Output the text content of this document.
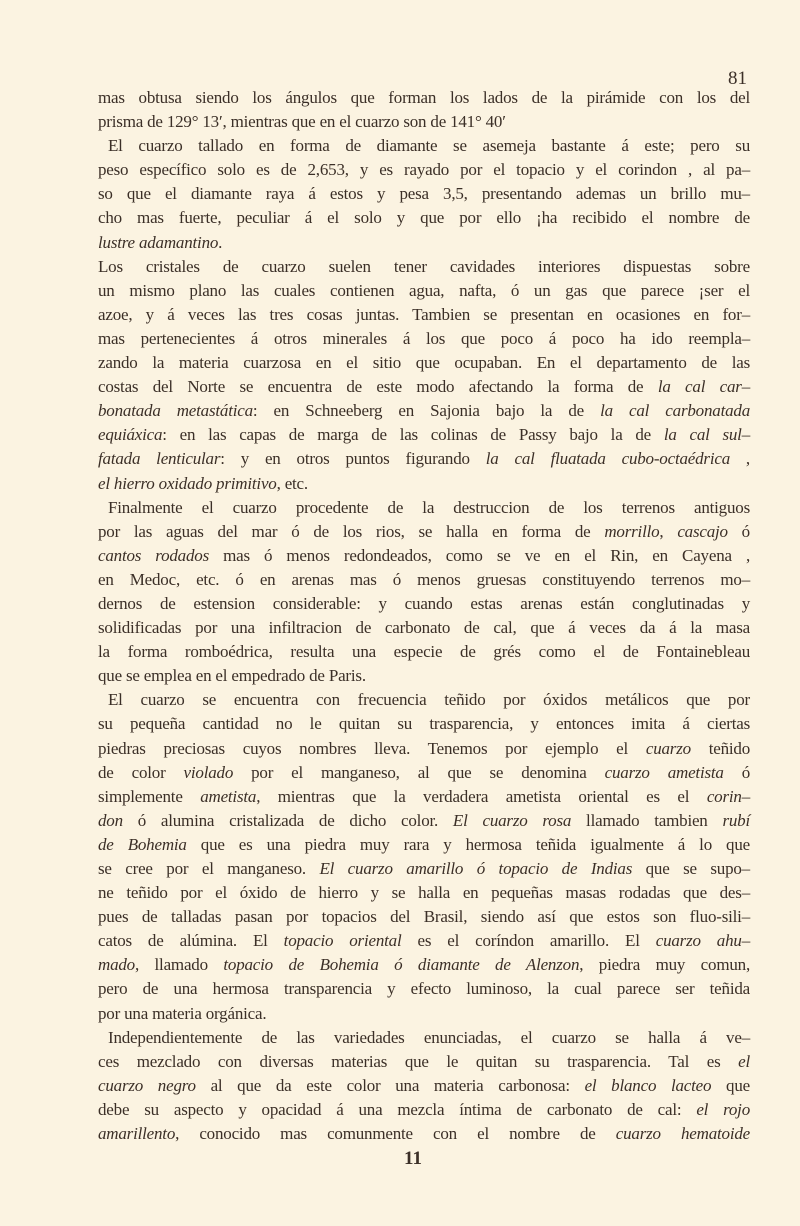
81
mas obtusa siendo los ángulos que forman los lados de la pirámide con los del
prisma de 129° 13′, mientras que en el cuarzo son de 141° 40′
El cuarzo tallado en forma de diamante se asemeja bastante á este; pero su
peso específico solo es de 2,653, y es rayado por el topacio y el corindon , al pa–
so que el diamante raya á estos y pesa 3,5, presentando ademas un brillo mu–
cho mas fuerte, peculiar á el solo y que por ello ¡ha recibido el nombre de
lustre adamantino.
Los cristales de cuarzo suelen tener cavidades interiores dispuestas sobre
un mismo plano las cuales contienen agua, nafta, ó un gas que parece ¡ser el
azoe, y á veces las tres cosas juntas. Tambien se presentan en ocasiones en for–
mas pertenecientes á otros minerales á los que poco á poco ha ido reempla–
zando la materia cuarzosa en el sitio que ocupaban. En el departamento de las
costas del Norte se encuentra de este modo afectando la forma de la cal car–
bonatada metastática: en Schneeberg en Sajonia bajo la de la cal carbonatada
equiáxica: en las capas de marga de las colinas de Passy bajo la de la cal sul–
fatada lenticular: y en otros puntos figurando la cal fluatada cubo-octaédrica ,
el hierro oxidado primitivo, etc.
Finalmente el cuarzo procedente de la destruccion de los terrenos antiguos
por las aguas del mar ó de los rios, se halla en forma de morrillo, cascajo ó
cantos rodados mas ó menos redondeados, como se ve en el Rin, en Cayena ,
en Medoc, etc. ó en arenas mas ó menos gruesas constituyendo terrenos mo–
dernos de estension considerable: y cuando estas arenas están conglutinadas y
solidificadas por una infiltracion de carbonato de cal, que á veces da á la masa
la forma romboédrica, resulta una especie de grés como el de Fontainebleau
que se emplea en el empedrado de Paris.
El cuarzo se encuentra con frecuencia teñido por óxidos metálicos que por
su pequeña cantidad no le quitan su trasparencia, y entonces imita á ciertas
piedras preciosas cuyos nombres lleva. Tenemos por ejemplo el cuarzo teñido
de color violado por el manganeso, al que se denomina cuarzo ametista ó
simplemente ametista, mientras que la verdadera ametista oriental es el corin–
don ó alumina cristalizada de dicho color. El cuarzo rosa llamado tambien rubí
de Bohemia que es una piedra muy rara y hermosa teñida igualmente á lo que
se cree por el manganeso. El cuarzo amarillo ó topacio de Indias que se supo–
ne teñido por el óxido de hierro y se halla en pequeñas masas rodadas que des–
pues de talladas pasan por topacios del Brasil, siendo así que estos son fluo-sili–
catos de alúmina. El topacio oriental es el coríndon amarillo. El cuarzo ahu–
mado, llamado topacio de Bohemia ó diamante de Alenzon, piedra muy comun,
pero de una hermosa transparencia y efecto luminoso, la cual parece ser teñida
por una materia orgánica.
Independientemente de las variedades enunciadas, el cuarzo se halla á ve–
ces mezclado con diversas materias que le quitan su trasparencia. Tal es el
cuarzo negro al que da este color una materia carbonosa: el blanco lacteo que
debe su aspecto y opacidad á una mezcla íntima de carbonato de cal: el rojo
amarillento, conocido mas comunmente con el nombre de cuarzo hematoide
11
